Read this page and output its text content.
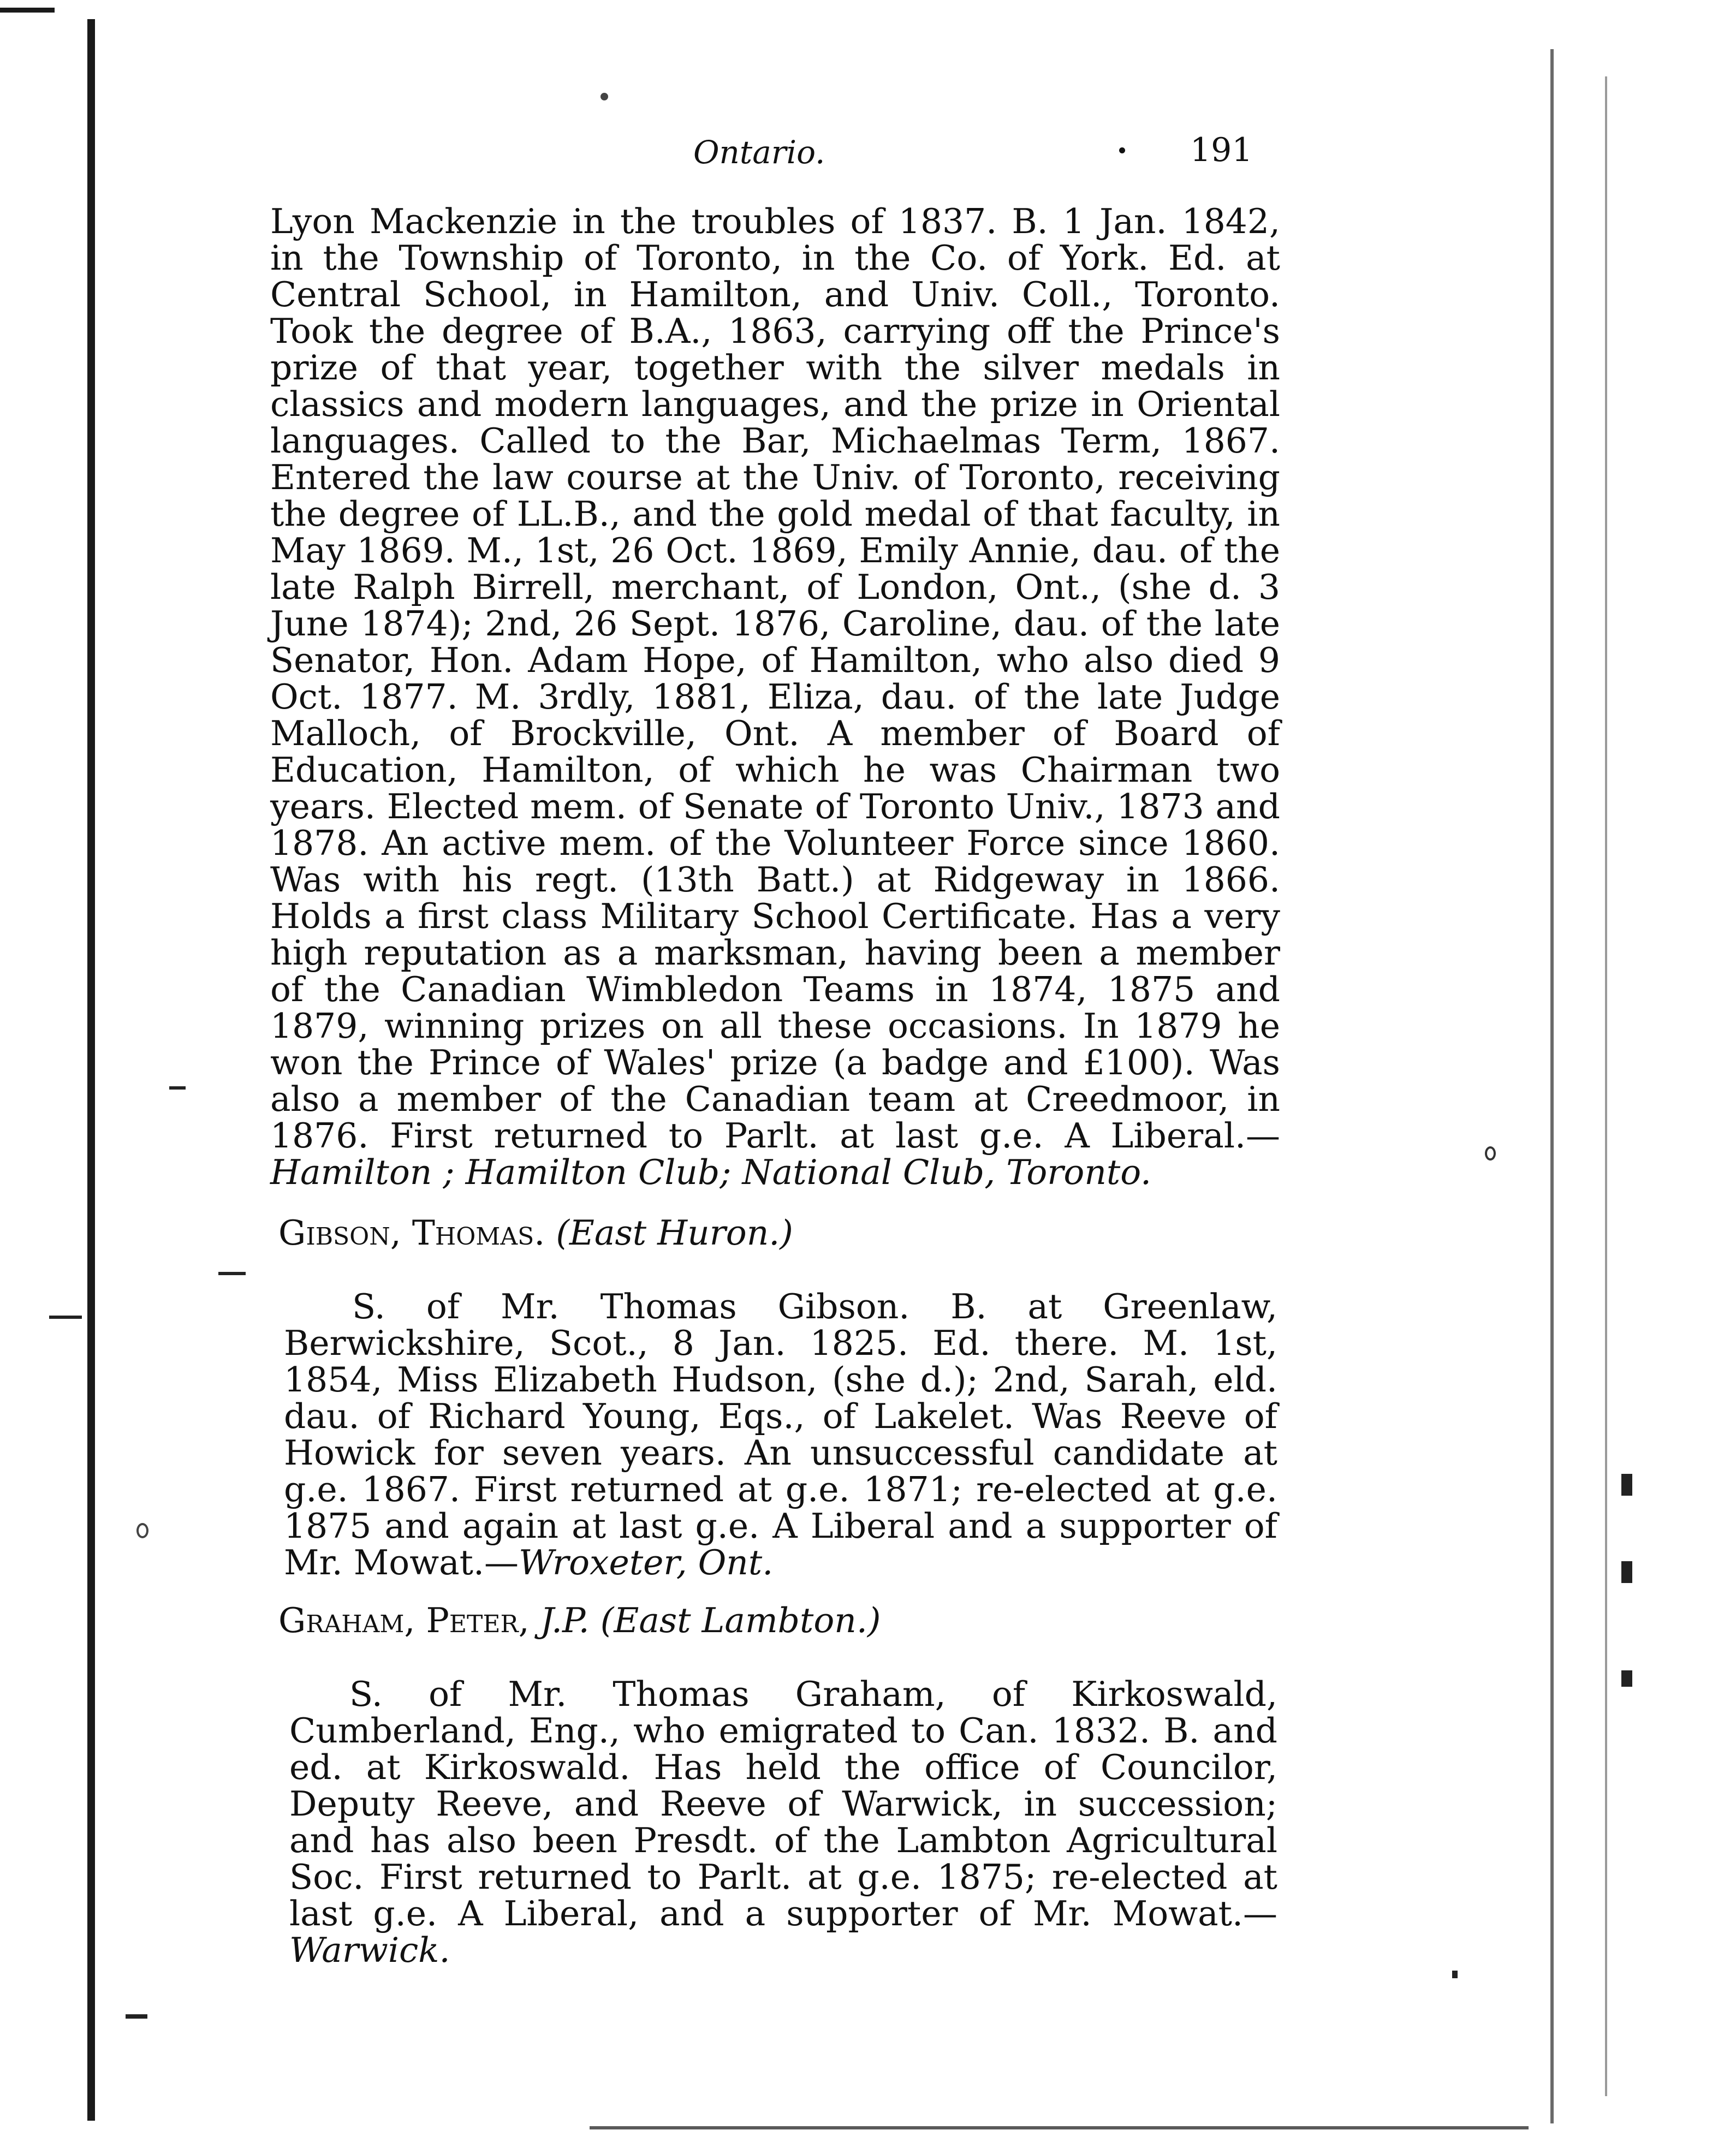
Ontario.	191

Lyon Mackenzie in the troubles of 1837. B. 1 Jan. 1842, in the Township of Toronto, in the Co. of York. Ed. at Central School, in Hamilton, and Univ. Coll., Toronto. Took the degree of B.A., 1863, carrying off the Prince's prize of that year, together with the silver medals in classics and modern languages, and the prize in Oriental languages. Called to the Bar, Michaelmas Term, 1867. Entered the law course at the Univ. of Toronto, receiving the degree of LL.B., and the gold medal of that faculty, in May 1869. M., 1st, 26 Oct. 1869, Emily Annie, dau. of the late Ralph Birrell, merchant, of London, Ont., (she d. 3 June 1874); 2nd, 26 Sept. 1876, Caroline, dau. of the late Senator, Hon. Adam Hope, of Hamilton, who also died 9 Oct. 1877. M. 3rdly, 1881, Eliza, dau. of the late Judge Malloch, of Brockville, Ont. A member of Board of Education, Hamilton, of which he was Chairman two years. Elected mem. of Senate of Toronto Univ., 1873 and 1878. An active mem. of the Volunteer Force since 1860. Was with his regt. (13th Batt.) at Ridgeway in 1866. Holds a first class Military School Certificate. Has a very high reputation as a marksman, having been a member of the Canadian Wimbledon Teams in 1874, 1875 and 1879, winning prizes on all these occasions. In 1879 he won the Prince of Wales' prize (a badge and £100). Was also a member of the Canadian team at Creedmoor, in 1876. First returned to Parlt. at last g.e. A Liberal.—Hamilton ; Hamilton Club; National Club, Toronto.

Gibson, Thomas. (East Huron.)

S. of Mr. Thomas Gibson. B. at Greenlaw, Berwickshire, Scot., 8 Jan. 1825. Ed. there. M. 1st, 1854, Miss Elizabeth Hudson, (she d.); 2nd, Sarah, eld. dau. of Richard Young, Eqs., of Lakelet. Was Reeve of Howick for seven years. An unsuccessful candidate at g.e. 1867. First returned at g.e. 1871; re-elected at g.e. 1875 and again at last g.e. A Liberal and a supporter of Mr. Mowat.—Wroxeter, Ont.

Graham, Peter, J.P. (East Lambton.)

S. of Mr. Thomas Graham, of Kirkoswald, Cumberland, Eng., who emigrated to Can. 1832. B. and ed. at Kirkoswald. Has held the office of Councilor, Deputy Reeve, and Reeve of Warwick, in succession; and has also been Presdt. of the Lambton Agricultural Soc. First returned to Parlt. at g.e. 1875; re-elected at last g.e. A Liberal, and a supporter of Mr. Mowat.—Warwick.
